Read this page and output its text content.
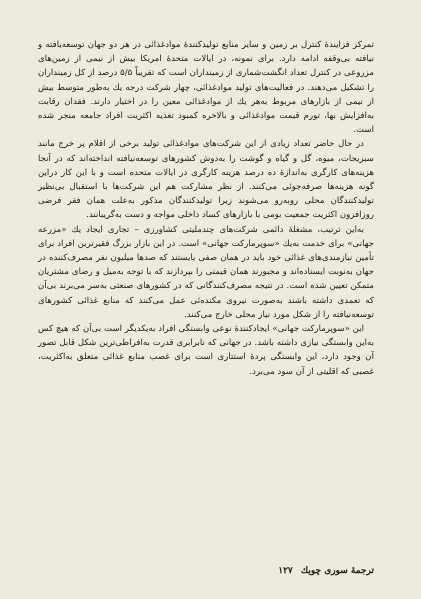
تمرکز فزایندهٔ کنترل بر زمین و سایر منابع تولیدکنندهٔ موادغذائی در هر دو جهان توسعه‌یافته و نیافته بی‌وقفه ادامه دارد. برای نمونه، در ایالات متحدهٔ امریکا بیش از نیمی از زمین‌های مزروعی در کنترل تعداد انگشت‌شماری از زمینداران است که تقریباً ۵/۵ درصد از کل زمینداران را تشکیل می‌دهند. در فعالیت‌های تولید موادغذائی، چهار شرکت درجه یك به‌طور متوسط بیش از نیمی از بازارهای مربوط به‌هر یك از موادغذائی معین را در اختیار دارند. فقدان رقابت به‌افزایش بها، تورم قیمت موادغذائی و بالاخره کمبود تغذیه اکثریت افراد جامعه منجر شده است.

در حال حاضر تعداد زیادی از این شرکت‌های موادغذائی تولید برخی از اقلام پر خرج مانند سبزیجات، میوه، گل و گیاه و گوشت را به‌دوش کشورهای توسعه‌نیافته انداخته‌اند که در آنجا هزینه‌های کارگری به‌اندازهٔ ده درصد هزینه کارگری در ایالات متحده است و با این کار دراین گونه هزینه‌ها صرفه‌جوئی می‌کنند. از نظر مشارکت هم این شرکت‌ها با استقبال بی‌نظیر تولیدکنندگان محلی روبه‌رو می‌شوند زیرا تولیدکنندگان مذکور به‌علت همان فقر فرضی روزافزون اکثریت جمعیت بومی با بازارهای کساد داخلی مواجه و دست به‌گریبانند.

به‌این ترتیب، مشغلهٔ دائمی شرکت‌های چندملیتی کشاورزی – تجاری ایجاد یك «مزرعه جهانی» برای خدمت به‌یك «سوپرمارکت جهانی» است. در این بازار بزرگ فقیرترین افراد برای تأمین نیازمندی‌های غذائی خود باید در همان صفی بایستند که صدها میلیون نفر مصرف‌کننده در جهان به‌نوبت ایستاده‌اند و مجبورند همان قیمتی را بپردازند که با توجه به‌میل و رضای مشتریان متمکن تعیین شده است. در نتیجه مصرف‌کنندگانی که در کشورهای صنعتی به‌سر می‌برند بی‌آن که تعمدی داشته باشند به‌صورت نیروی مکنده‌ئی عمل می‌کنند که منابع غذائی کشورهای توسعه‌نیافته را از شکل مورد نیاز محلی خارج می‌کنند.

این «سوپرمارکت جهانی» ایجادکنندهٔ نوعی وابستگی افراد به‌یکدیگر است بی‌آن که هیچ کس به‌این وابستگی نیازی داشته باشد. در جهانی که نابرابری قدرت به‌افراطی‌ترین شکل قابل تصور آن وجود دارد، این وابستگی پردهٔ استتاری است برای غصب منابع غذائی متعلق به‌اکثریت، غصبی که اقلیتی از آن سود می‌برد.

ترجمهٔ سوری چویك
۱۲۷
